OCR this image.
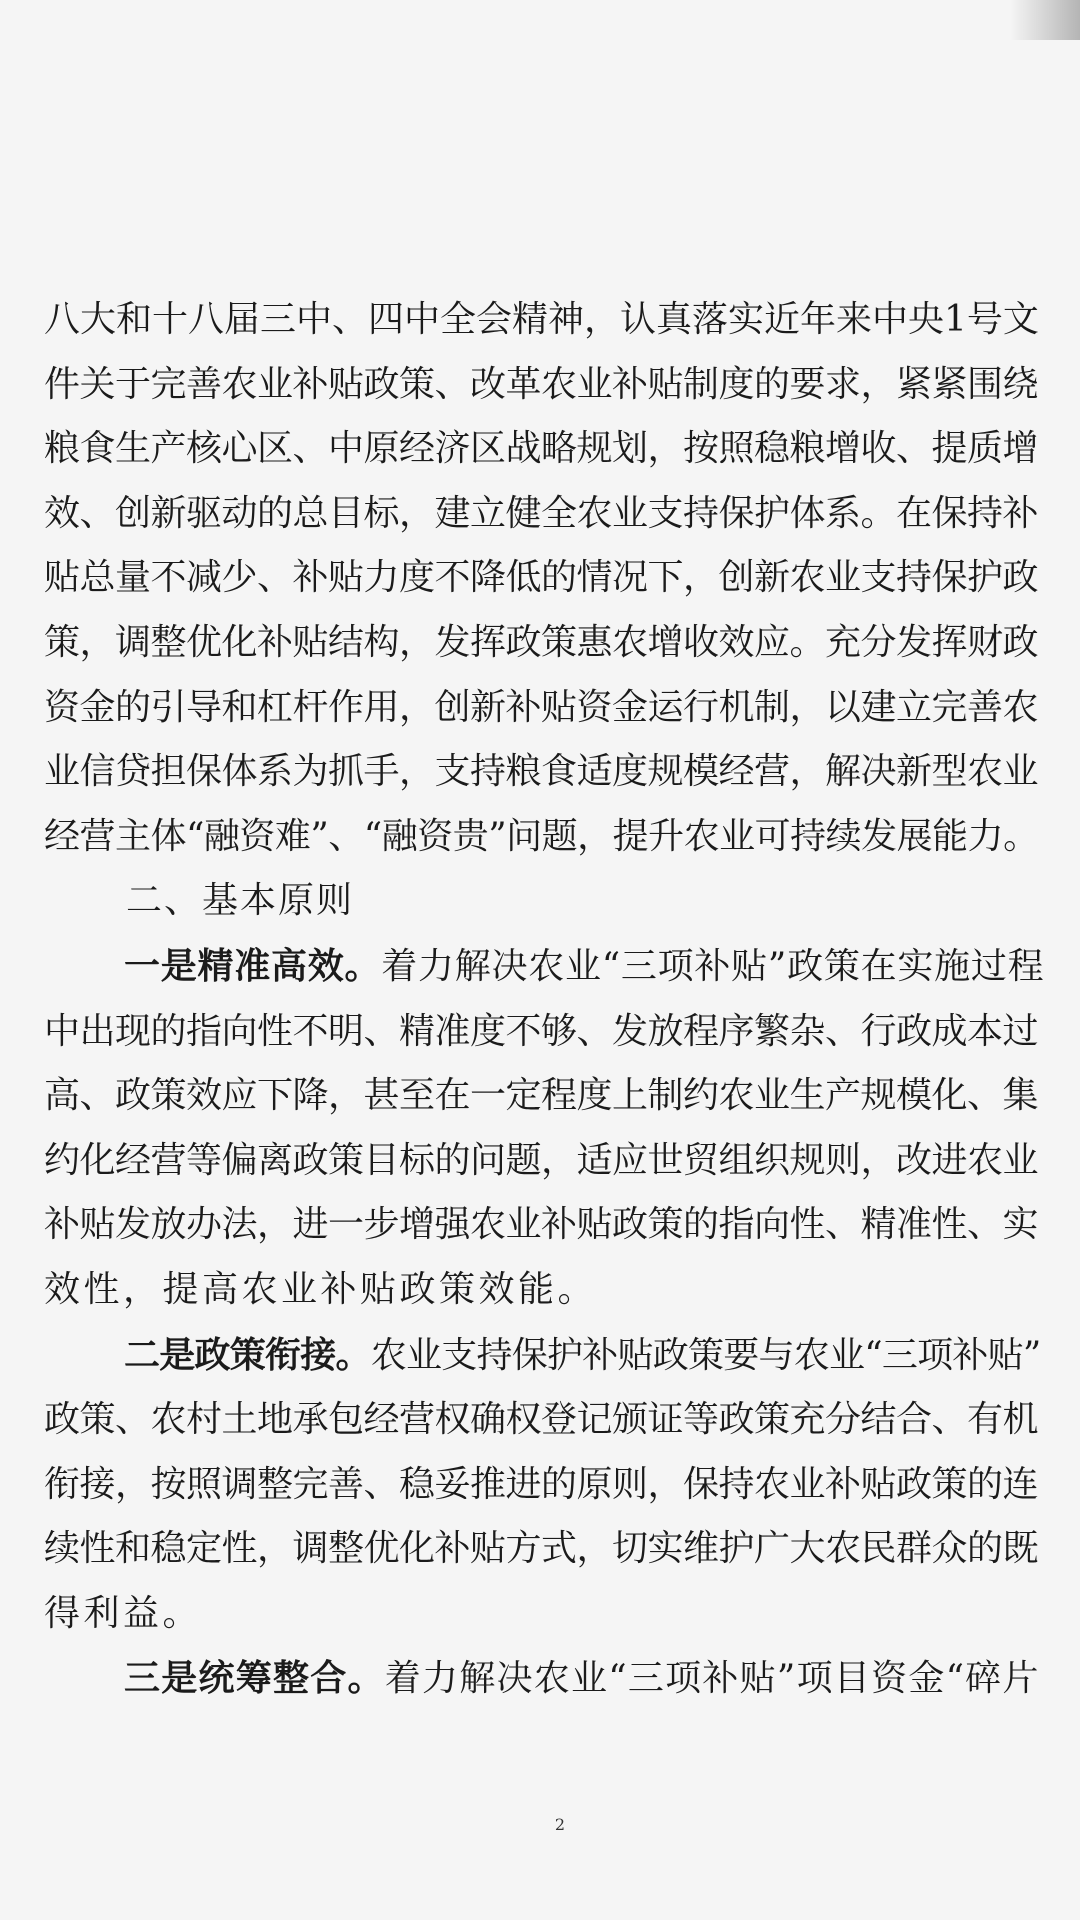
八大和十八届三中、四中全会精神，认真落实近年来中央1号文
件关于完善农业补贴政策、改革农业补贴制度的要求，紧紧围绕
粮食生产核心区、中原经济区战略规划，按照稳粮增收、提质增
效、创新驱动的总目标，建立健全农业支持保护体系。在保持补
贴总量不减少、补贴力度不降低的情况下，创新农业支持保护政
策，调整优化补贴结构，发挥政策惠农增收效应。充分发挥财政
资金的引导和杠杆作用，创新补贴资金运行机制，以建立完善农
业信贷担保体系为抓手，支持粮食适度规模经营，解决新型农业
经营主体“融资难”、“融资贵”问题，提升农业可持续发展能力。
二、基本原则
一是精准高效。着力解决农业“三项补贴”政策在实施过程
中出现的指向性不明、精准度不够、发放程序繁杂、行政成本过
高、政策效应下降，甚至在一定程度上制约农业生产规模化、集
约化经营等偏离政策目标的问题，适应世贸组织规则，改进农业
补贴发放办法，进一步增强农业补贴政策的指向性、精准性、实
效性，提高农业补贴政策效能。
二是政策衔接。农业支持保护补贴政策要与农业“三项补贴”
政策、农村土地承包经营权确权登记颁证等政策充分结合、有机
衔接，按照调整完善、稳妥推进的原则，保持农业补贴政策的连
续性和稳定性，调整优化补贴方式，切实维护广大农民群众的既
得利益。
三是统筹整合。着力解决农业“三项补贴”项目资金“碎片
2
